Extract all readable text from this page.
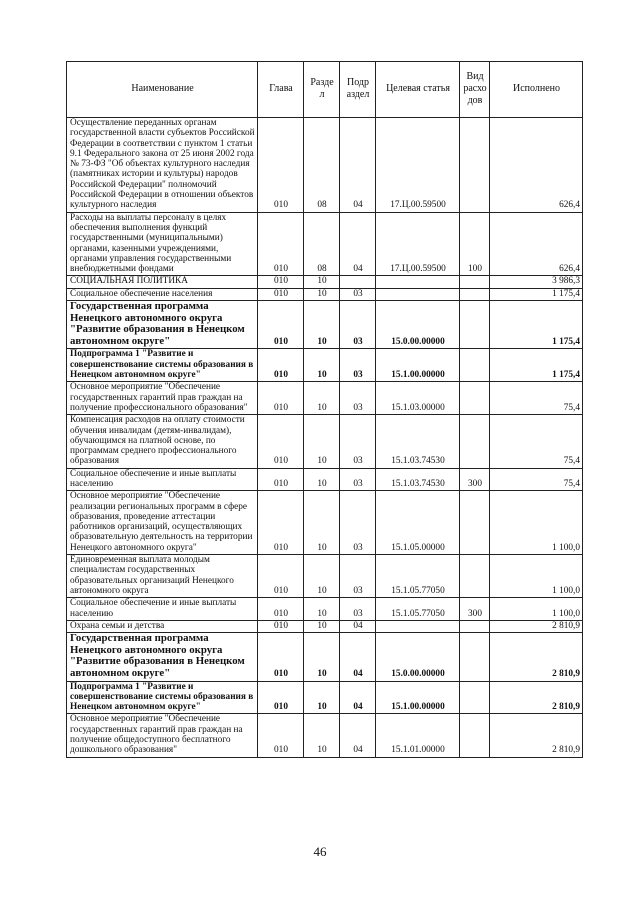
Наименование	Глава	Разде л	Подр аздел	Целевая статья	Вид расхо дов	Исполнено
Осуществление переданных органам государственной власти субъектов Российской Федерации в соответствии с пунктом 1 статьи 9.1 Федерального закона от 25 июня 2002 года № 73-ФЗ "Об объектах культурного наследия (памятниках истории и культуры) народов Российской Федерации" полномочий Российской Федерации в отношении объектов культурного наследия	010	08	04	17.Ц.00.59500		626,4
Расходы на выплаты персоналу в целях обеспечения выполнения функций государственными (муниципальными) органами, казенными учреждениями, органами управления государственными внебюджетными фондами	010	08	04	17.Ц.00.59500	100	626,4
СОЦИАЛЬНАЯ ПОЛИТИКА	010	10				3 986,3
Социальное обеспечение населения	010	10	03			1 175,4
Государственная программа Ненецкого автономного округа "Развитие образования в Ненецком автономном округе"	010	10	03	15.0.00.00000		1 175,4
Подпрограмма 1 "Развитие и совершенствование системы образования в Ненецком автономном округе"	010	10	03	15.1.00.00000		1 175,4
Основное мероприятие "Обеспечение государственных гарантий прав граждан на получение профессионального образования"	010	10	03	15.1.03.00000		75,4
Компенсация расходов на оплату стоимости обучения инвалидам (детям-инвалидам), обучающимся на платной основе, по программам среднего профессионального образования	010	10	03	15.1.03.74530		75,4
Социальное обеспечение и иные выплаты населению	010	10	03	15.1.03.74530	300	75,4
Основное мероприятие "Обеспечение реализации региональных программ в сфере образования, проведение аттестации работников организаций, осуществляющих образовательную деятельность на территории Ненецкого автономного округа"	010	10	03	15.1.05.00000		1 100,0
Единовременная выплата молодым специалистам государственных образовательных организаций Ненецкого автономного округа	010	10	03	15.1.05.77050		1 100,0
Социальное обеспечение и иные выплаты населению	010	10	03	15.1.05.77050	300	1 100,0
Охрана семьи и детства	010	10	04			2 810,9
Государственная программа Ненецкого автономного округа "Развитие образования в Ненецком автономном округе"	010	10	04	15.0.00.00000		2 810,9
Подпрограмма 1 "Развитие и совершенствование системы образования в Ненецком автономном округе"	010	10	04	15.1.00.00000		2 810,9
Основное мероприятие "Обеспечение государственных гарантий прав граждан на получение общедоступного бесплатного дошкольного образования"	010	10	04	15.1.01.00000		2 810,9
46
